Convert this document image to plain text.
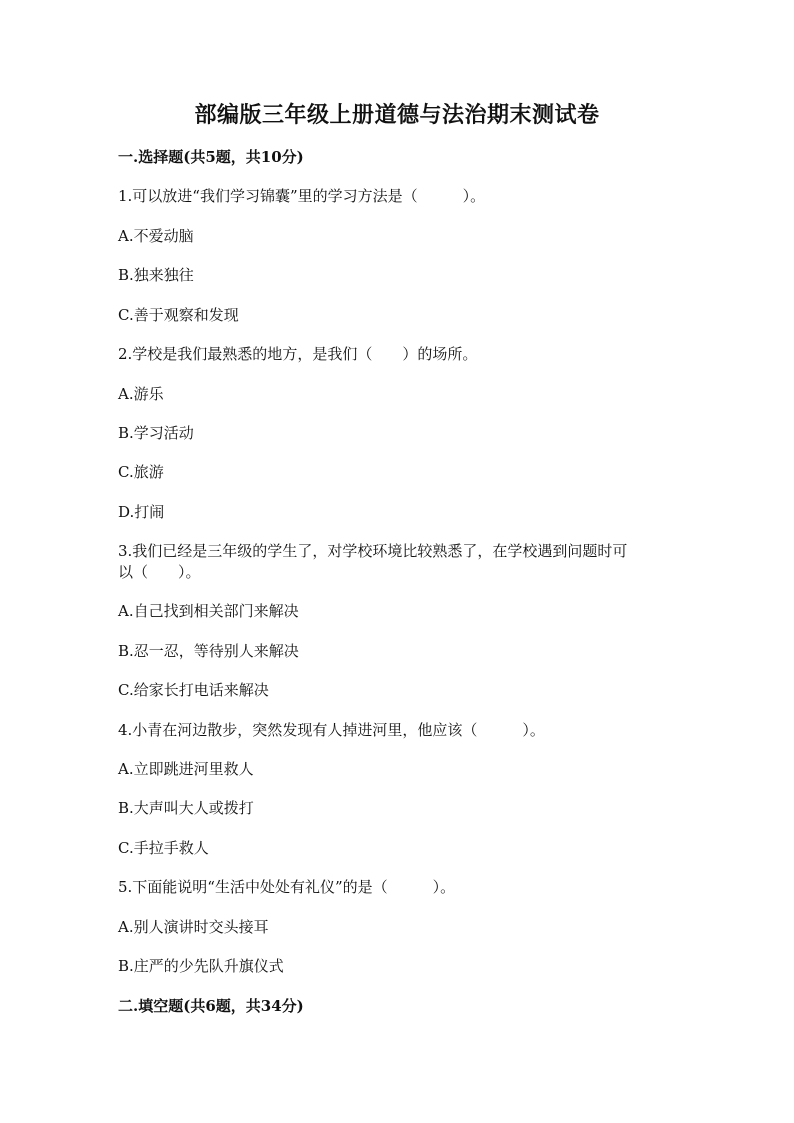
部编版三年级上册道德与法治期末测试卷
一.选择题(共5题，共10分)
1.可以放进“我们学习锦囊”里的学习方法是（　　　）。
A.不爱动脑
B.独来独往
C.善于观察和发现
2.学校是我们最熟悉的地方，是我们（　　）的场所。
A.游乐
B.学习活动
C.旅游
D.打闹
3.我们已经是三年级的学生了，对学校环境比较熟悉了，在学校遇到问题时可
以（　　）。
A.自己找到相关部门来解决
B.忍一忍，等待别人来解决
C.给家长打电话来解决
4.小青在河边散步，突然发现有人掉进河里，他应该（　　　）。
A.立即跳进河里救人
B.大声叫大人或拨打
C.手拉手救人
5.下面能说明“生活中处处有礼仪”的是（　　　）。
A.别人演讲时交头接耳
B.庄严的少先队升旗仪式
二.填空题(共6题，共34分)
